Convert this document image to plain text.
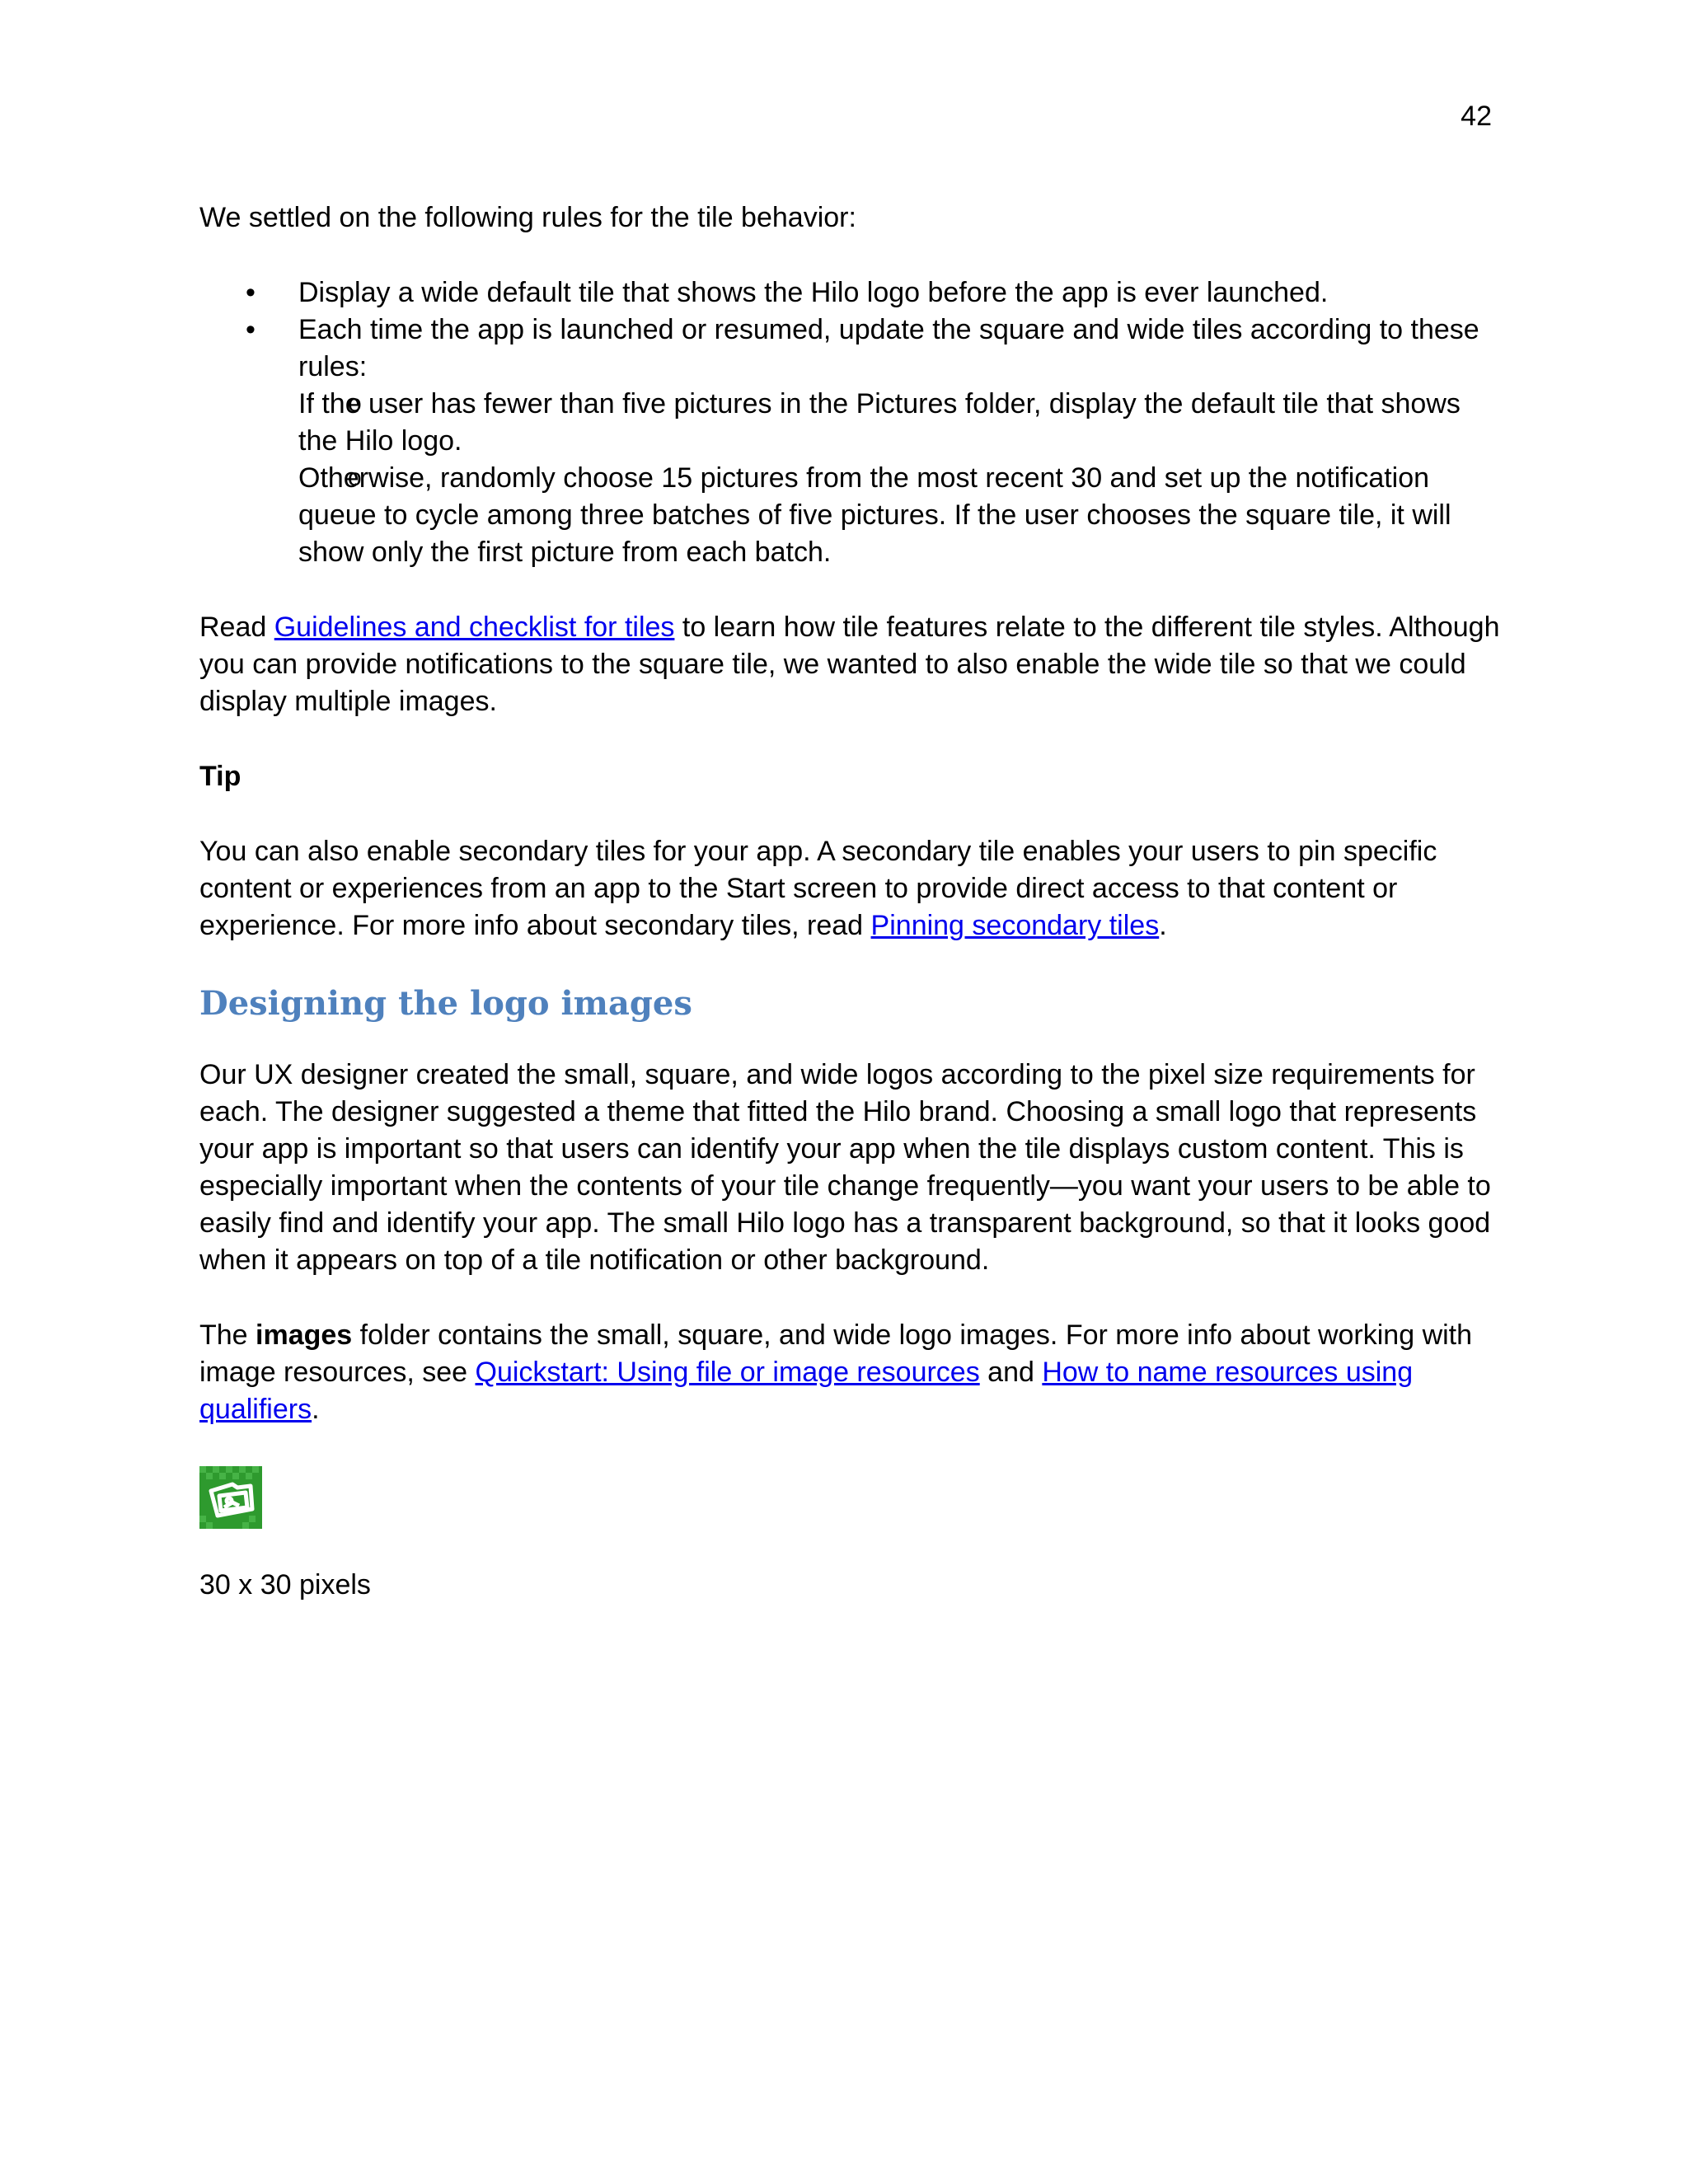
42

We settled on the following rules for the tile behavior:

• Display a wide default tile that shows the Hilo logo before the app is ever launched.
• Each time the app is launched or resumed, update the square and wide tiles according to these rules:
o If the user has fewer than five pictures in the Pictures folder, display the default tile that shows the Hilo logo.
o Otherwise, randomly choose 15 pictures from the most recent 30 and set up the notification queue to cycle among three batches of five pictures. If the user chooses the square tile, it will show only the first picture from each batch.

Read Guidelines and checklist for tiles to learn how tile features relate to the different tile styles. Although you can provide notifications to the square tile, we wanted to also enable the wide tile so that we could display multiple images.

Tip

You can also enable secondary tiles for your app. A secondary tile enables your users to pin specific content or experiences from an app to the Start screen to provide direct access to that content or experience. For more info about secondary tiles, read Pinning secondary tiles.

Designing the logo images

Our UX designer created the small, square, and wide logos according to the pixel size requirements for each. The designer suggested a theme that fitted the Hilo brand. Choosing a small logo that represents your app is important so that users can identify your app when the tile displays custom content. This is especially important when the contents of your tile change frequently—you want your users to be able to easily find and identify your app. The small Hilo logo has a transparent background, so that it looks good when it appears on top of a tile notification or other background.

The images folder contains the small, square, and wide logo images. For more info about working with image resources, see Quickstart: Using file or image resources and How to name resources using qualifiers.

30 x 30 pixels
